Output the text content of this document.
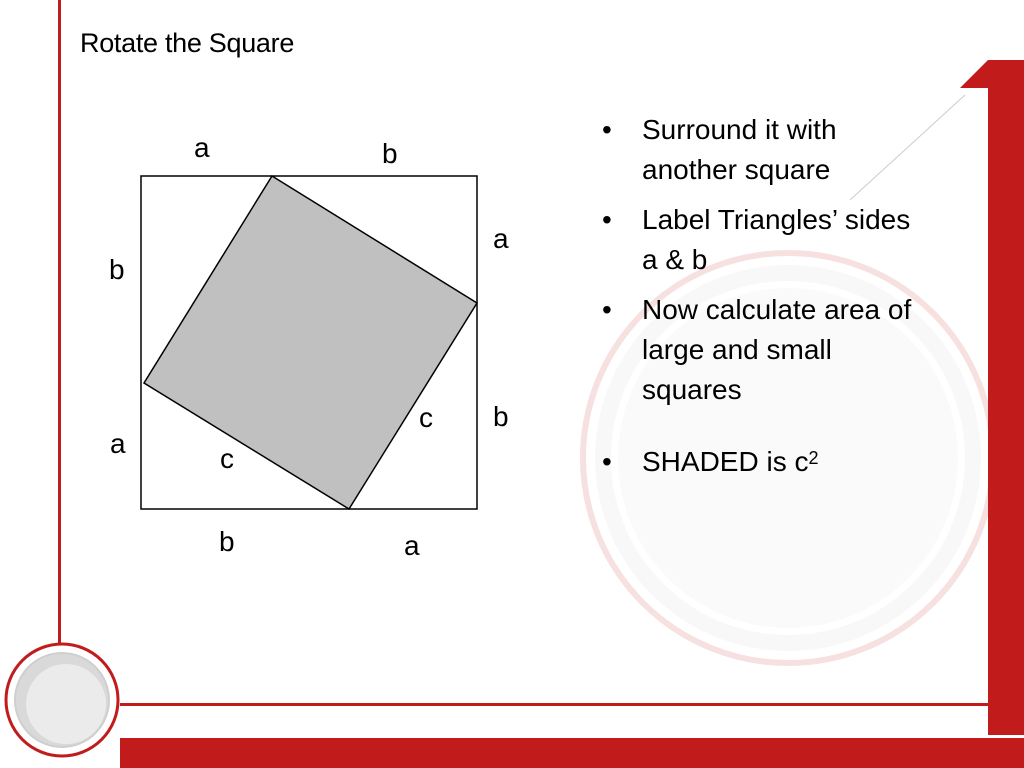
Rotate the Square
a	b
a
b
b	a
b
a
c
c
• Surround it with another square
• Label Triangles’ sides a & b
• Now calculate area of large and small squares
• SHADED is $c^2$
